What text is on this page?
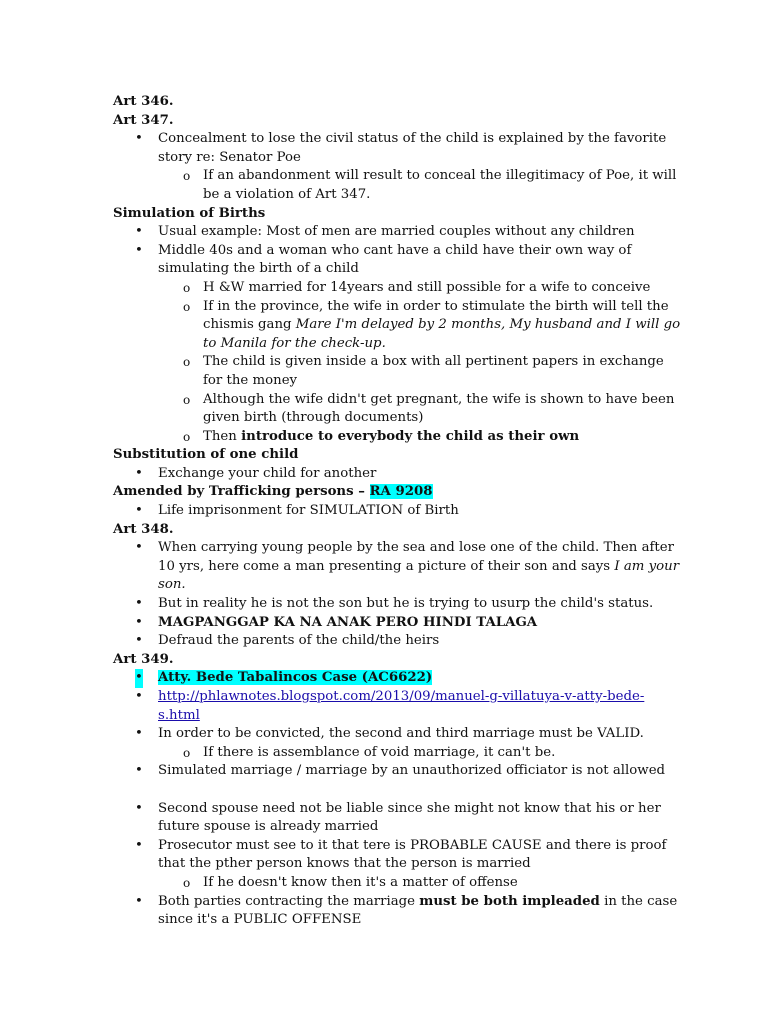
Art 346.
Art 347.
• Concealment to lose the civil status of the child is explained by the favorite
story re: Senator Poe
o If an abandonment will result to conceal the illegitimacy of Poe, it will
be a violation of Art 347.
Simulation of Births
• Usual example: Most of men are married couples without any children
• Middle 40s and a woman who cant have a child have their own way of
simulating the birth of a child
o H &W married for 14years and still possible for a wife to conceive
o If in the province, the wife in order to stimulate the birth will tell the
chismis gang Mare I'm delayed by 2 months, My husband and I will go
to Manila for the check-up.
o The child is given inside a box with all pertinent papers in exchange
for the money
o Although the wife didn't get pregnant, the wife is shown to have been
given birth (through documents)
o Then introduce to everybody the child as their own
Substitution of one child
• Exchange your child for another
Amended by Trafficking persons – RA 9208
• Life imprisonment for SIMULATION of Birth
Art 348.
• When carrying young people by the sea and lose one of the child. Then after
10 yrs, here come a man presenting a picture of their son and says I am your
son.
• But in reality he is not the son but he is trying to usurp the child's status.
• MAGPANGGAP KA NA ANAK PERO HINDI TALAGA
• Defraud the parents of the child/the heirs
Art 349.
• Atty. Bede Tabalincos Case (AC6622)
• http://phlawnotes.blogspot.com/2013/09/manuel-g-villatuya-v-atty-bede-
s.html
• In order to be convicted, the second and third marriage must be VALID.
o If there is assemblance of void marriage, it can't be.
• Simulated marriage / marriage by an unauthorized officiator is not allowed
• Second spouse need not be liable since she might not know that his or her
future spouse is already married
• Prosecutor must see to it that tere is PROBABLE CAUSE and there is proof
that the pther person knows that the person is married
o If he doesn't know then it's a matter of offense
• Both parties contracting the marriage must be both impleaded in the case
since it's a PUBLIC OFFENSE
